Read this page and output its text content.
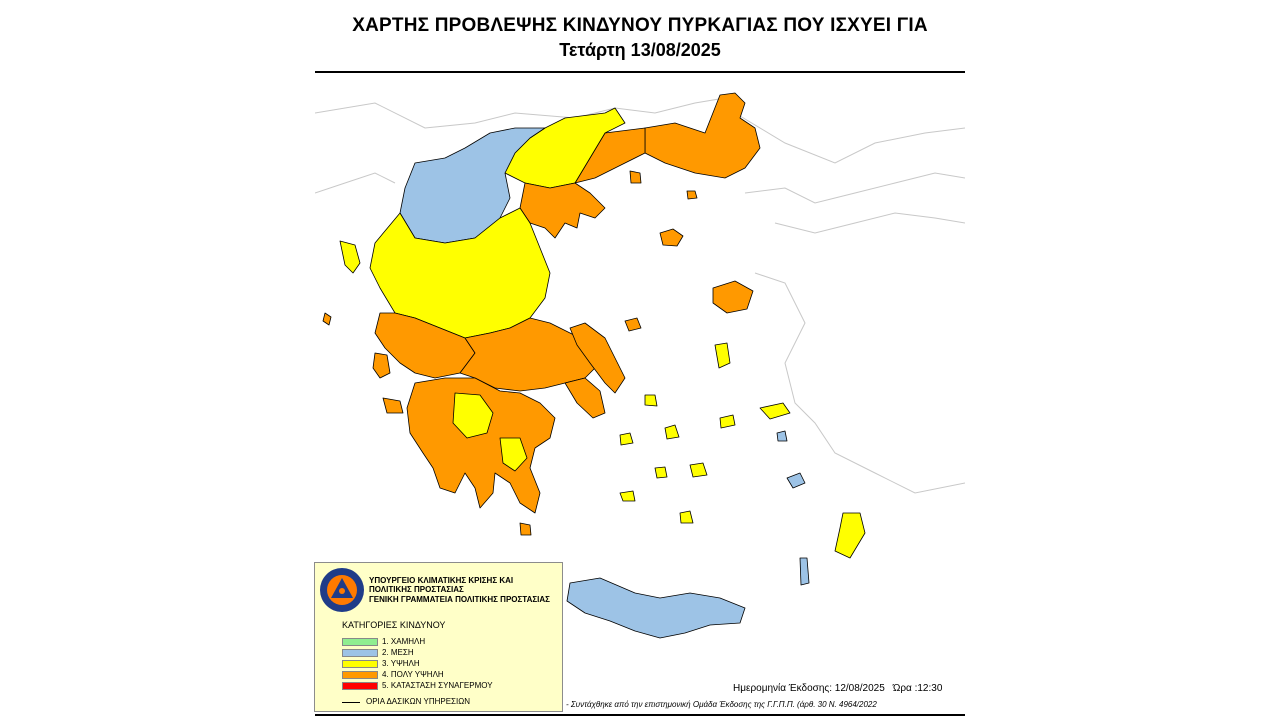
ΧΑΡΤΗΣ ΠΡΟΒΛΕΨΗΣ ΚΙΝΔΥΝΟΥ ΠΥΡΚΑΓΙΑΣ ΠΟΥ ΙΣΧΥΕΙ ΓΙΑ
Τετάρτη 13/08/2025
ΥΠΟΥΡΓΕΙΟ ΚΛΙΜΑΤΙΚΗΣ ΚΡΙΣΗΣ ΚΑΙ
ΠΟΛΙΤΙΚΗΣ ΠΡΟΣΤΑΣΙΑΣ
ΓΕΝΙΚΗ ΓΡΑΜΜΑΤΕΙΑ ΠΟΛΙΤΙΚΗΣ ΠΡΟΣΤΑΣΙΑΣ
ΚΑΤΗΓΟΡΙΕΣ ΚΙΝΔΥΝΟΥ
1. ΧΑΜΗΛΗ
2. ΜΕΣΗ
3. ΥΨΗΛΗ
4. ΠΟΛΥ ΥΨΗΛΗ
5. ΚΑΤΑΣΤΑΣΗ ΣΥΝΑΓΕΡΜΟΥ
ΟΡΙΑ ΔΑΣΙΚΩΝ ΥΠΗΡΕΣΙΩΝ
Ημερομηνία Έκδοσης: 12/08/2025 Ώρα :12:30
- Συντάχθηκε από την επιστημονική Ομάδα Έκδοσης της Γ.Γ.Π.Π. (άρθ. 30 Ν. 4964/2022
